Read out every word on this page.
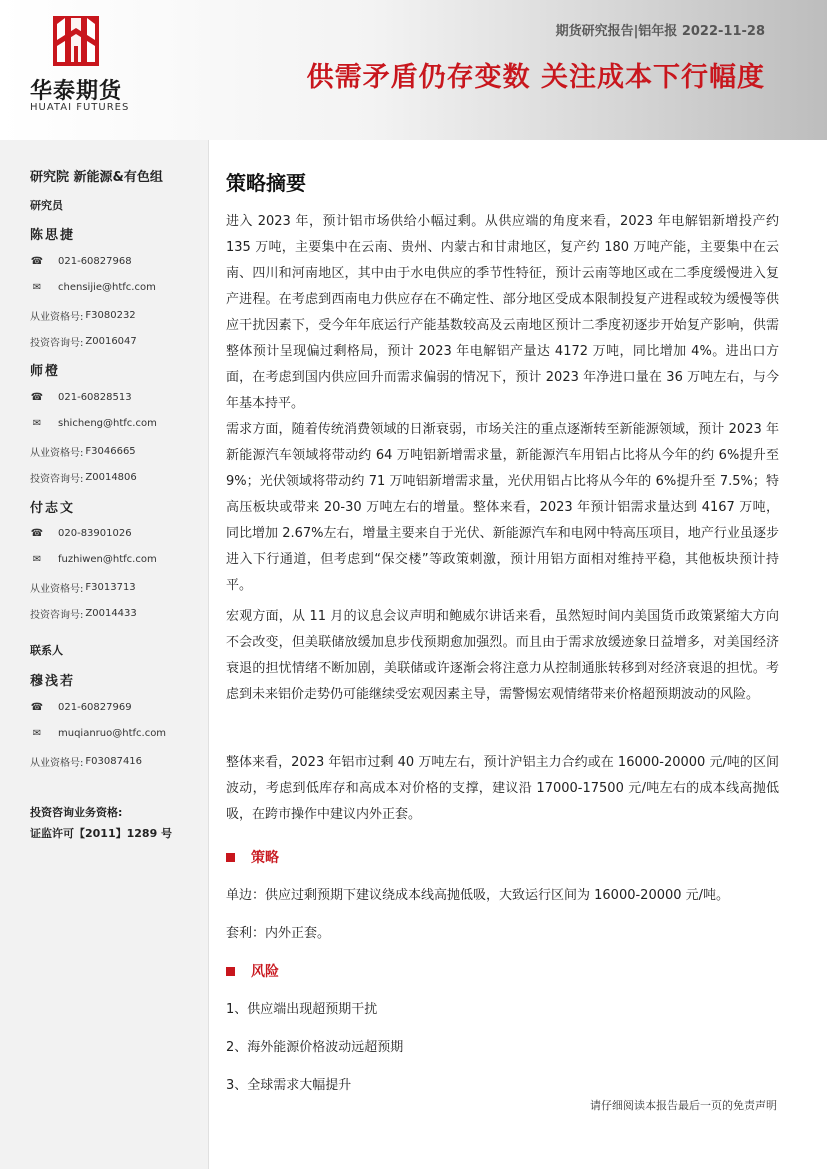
华泰期货
HUATAI FUTURES
期货研究报告|铝年报 2022-11-28
供需矛盾仍存变数 关注成本下行幅度
研究院 新能源&有色组
研究员
陈思捷
☎ 021-60827968
✉ chensijie@htfc.com
从业资格号: F3080232
投资咨询号: Z0016047
师橙
☎ 021-60828513
✉ shicheng@htfc.com
从业资格号: F3046665
投资咨询号: Z0014806
付志文
☎ 020-83901026
✉ fuzhiwen@htfc.com
从业资格号: F3013713
投资咨询号: Z0014433
联系人
穆浅若
☎ 021-60827969
✉ muqianruo@htfc.com
从业资格号: F03087416
投资咨询业务资格:
证监许可【2011】1289 号
策略摘要

进入 2023 年，预计铝市场供给小幅过剩。从供应端的角度来看，2023 年电解铝新增投产约 135 万吨，主要集中在云南、贵州、内蒙古和甘肃地区，复产约 180 万吨产能，主要集中在云南、四川和河南地区，其中由于水电供应的季节性特征，预计云南等地区或在二季度缓慢进入复产进程。在考虑到西南电力供应存在不确定性、部分地区受成本限制投复产进程或较为缓慢等供应干扰因素下，受今年年底运行产能基数较高及云南地区预计二季度初逐步开始复产影响，供需整体预计呈现偏过剩格局，预计 2023 年电解铝产量达 4172 万吨，同比增加 4%。进出口方面，在考虑到国内供应回升而需求偏弱的情况下，预计 2023 年净进口量在 36 万吨左右，与今年基本持平。

需求方面，随着传统消费领域的日渐衰弱，市场关注的重点逐渐转至新能源领域，预计 2023 年新能源汽车领域将带动约 64 万吨铝新增需求量，新能源汽车用铝占比将从今年的约 6%提升至 9%；光伏领域将带动约 71 万吨铝新增需求量，光伏用铝占比将从今年的 6%提升至 7.5%；特高压板块或带来 20-30 万吨左右的增量。整体来看，2023 年预计铝需求量达到 4167 万吨，同比增加 2.67%左右，增量主要来自于光伏、新能源汽车和电网中特高压项目，地产行业虽逐步进入下行通道，但考虑到“保交楼”等政策刺激，预计用铝方面相对维持平稳，其他板块预计持平。

宏观方面，从 11 月的议息会议声明和鲍威尔讲话来看，虽然短时间内美国货币政策紧缩大方向不会改变，但美联储放缓加息步伐预期愈加强烈。而且由于需求放缓迹象日益增多，对美国经济衰退的担忧情绪不断加剧，美联储或许逐渐会将注意力从控制通胀转移到对经济衰退的担忧。考虑到未来铝价走势仍可能继续受宏观因素主导，需警惕宏观情绪带来价格超预期波动的风险。

整体来看，2023 年铝市过剩 40 万吨左右，预计沪铝主力合约或在 16000-20000 元/吨的区间波动，考虑到低库存和高成本对价格的支撑，建议沿 17000-17500 元/吨左右的成本线高抛低吸，在跨市操作中建议内外正套。

策略
单边：供应过剩预期下建议绕成本线高抛低吸，大致运行区间为 16000-20000 元/吨。
套利：内外正套。
风险
1、供应端出现超预期干扰
2、海外能源价格波动远超预期
3、全球需求大幅提升
请仔细阅读本报告最后一页的免责声明
